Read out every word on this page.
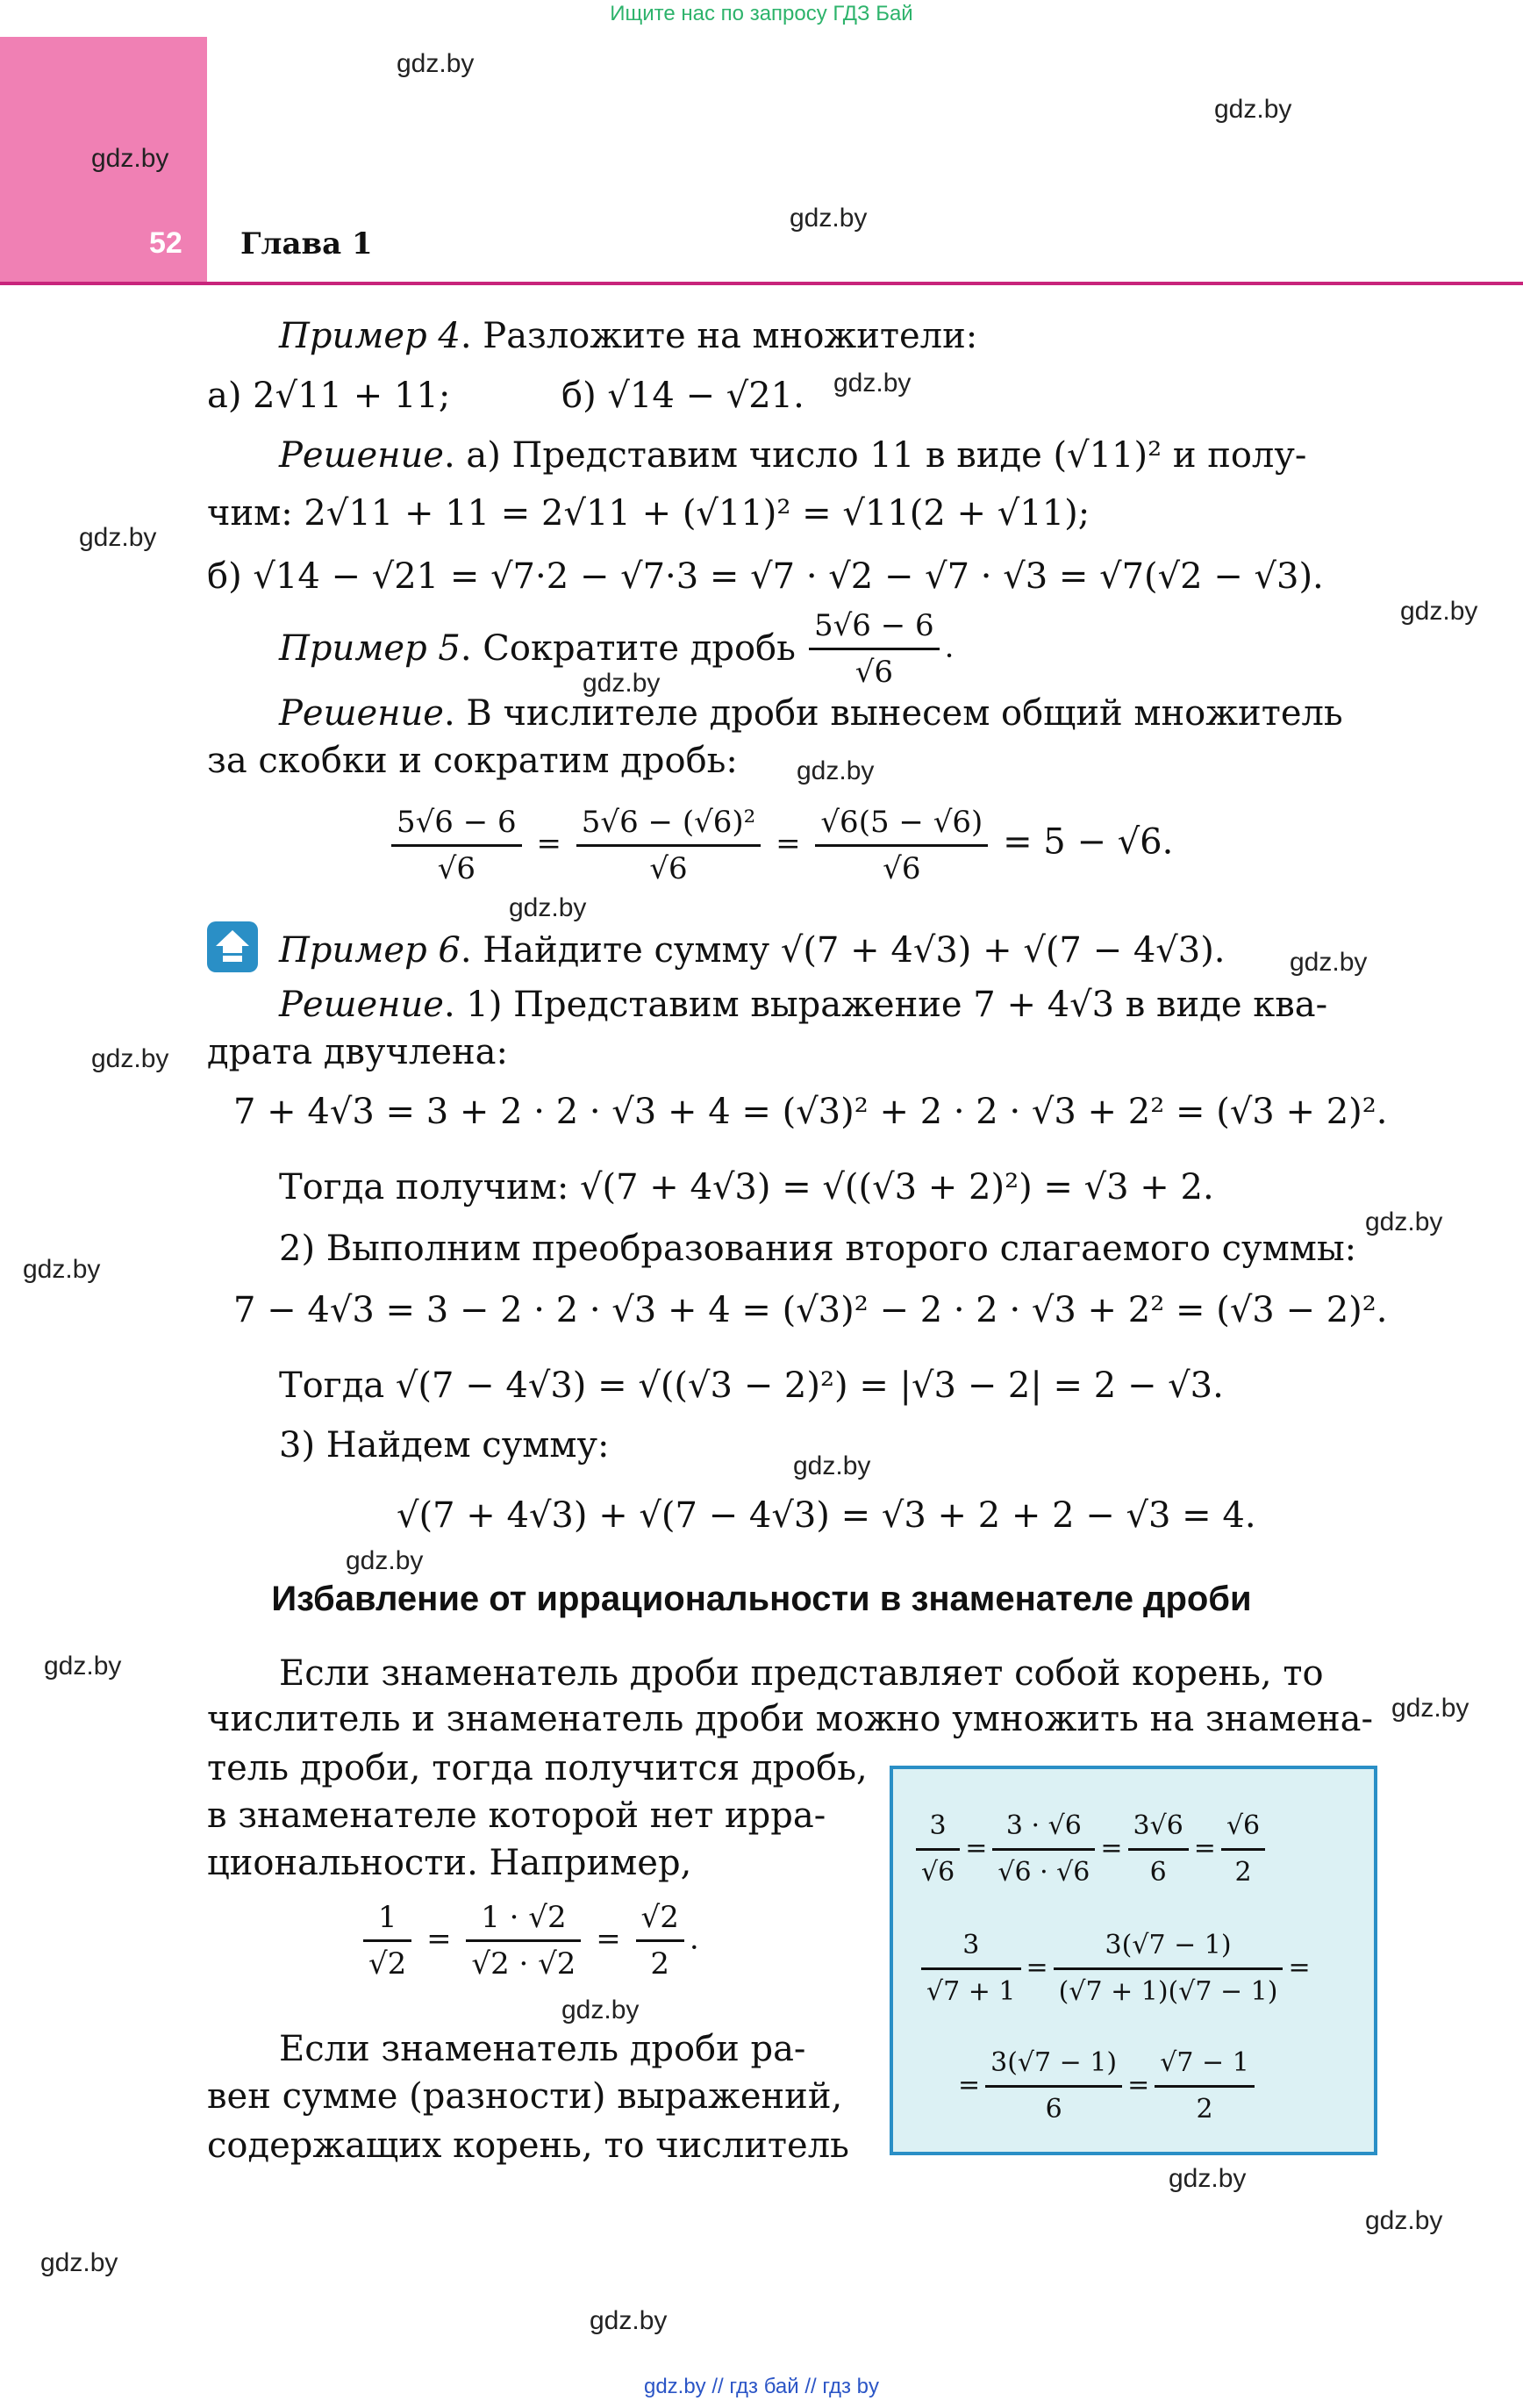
Ищите нас по запросу ГДЗ Бай
52 Глава 1
gdz.by
gdz.by
gdz.by
gdz.by
gdz.by
gdz.by
gdz.by
gdz.by
gdz.by
gdz.by
gdz.by
gdz.by
gdz.by
gdz.by
gdz.by
gdz.by
gdz.by
gdz.by
gdz.by
gdz.by
gdz.by
gdz.by
gdz.by
Пример 4. Разложите на множители:
а) 2√11 + 11;	б) √14 − √21.
Решение. а) Представим число 11 в виде (√11)² и полу-
чим: 2√11 + 11 = 2√11 + (√11)² = √11(2 + √11);
б) √14 − √21 = √7·2 − √7·3 = √7 · √2 − √7 · √3 = √7(√2 − √3).
Пример 5. Сократите дробь $\frac{5√6 - 6}{√6}$ .
Решение. В числителе дроби вынесем общий множитель
за скобки и сократим дробь:
$\frac{5√6 - 6}{√6} = \frac{\text{5√6 − (√6)²}}{√6} = \frac{√6(5 - √6)}{√6} = 5 - √6$.
Пример 6. Найдите сумму √(7 + 4√3) + √(7 − 4√3).
Решение. 1) Представим выражение 7 + 4√3 в виде ква-
драта двучлена:
7 + 4√3 = 3 + 2 · 2 · √3 + 4 = (√3)² + 2 · 2 · √3 + 2² = (√3 + 2)².
Тогда получим: √(7 + 4√3) = √((√3 + 2)²) = √3 + 2.
2) Выполним преобразования второго слагаемого суммы:
7 − 4√3 = 3 − 2 · 2 · √3 + 4 = (√3)² − 2 · 2 · √3 + 2² = (√3 − 2)².
Тогда √(7 − 4√3) = √((√3 − 2)²) = |√3 − 2| = 2 − √3.
3) Найдем сумму:
√(7 + 4√3) + √(7 − 4√3) = √3 + 2 + 2 − √3 = 4.
Избавление от иррациональности в знаменателе дроби
Если знаменатель дроби представляет собой корень, то
числитель и знаменатель дроби можно умножить на знамена-
тель дроби, тогда получится дробь,
в знаменателе которой нет ирра-
циональности. Например,
$\frac{1}{√2} = \frac{1 \cdot √2}{√2 \cdot √2} = \frac{√2}{2}$ .
Если знаменатель дроби ра-
вен сумме (разности) выражений,
содержащих корень, то числитель
$\frac{3}{√6} = \frac{3 \cdot √6}{√6 \cdot √6} = \frac{3√6}{6} = \frac{√6}{2}$
$\frac{3}{√7 + 1} = \frac{3(√7 - 1)}{(√7 + 1)(√7 - 1)}$ =
= $\frac{3(√7 - 1)}{6} = \frac{√7 - 1}{2}$
gdz.by // гдз бай // гдз by
